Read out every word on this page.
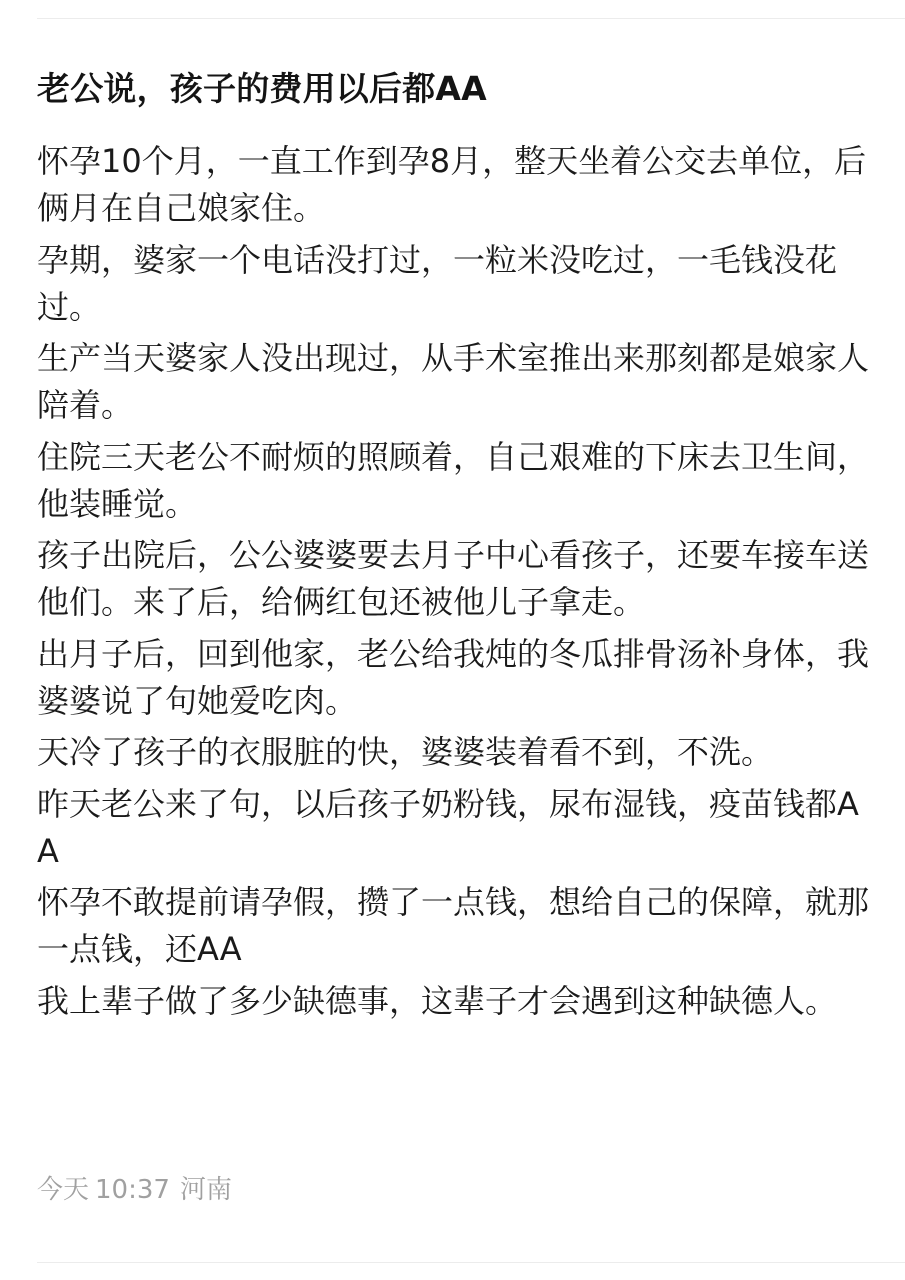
老公说，孩子的费用以后都AA

怀孕10个月，一直工作到孕8月，整天坐着公交去单位，后俩月在自己娘家住。

孕期，婆家一个电话没打过，一粒米没吃过，一毛钱没花过。

生产当天婆家人没出现过，从手术室推出来那刻都是娘家人陪着。

住院三天老公不耐烦的照顾着，自己艰难的下床去卫生间，他装睡觉。

孩子出院后，公公婆婆要去月子中心看孩子，还要车接车送他们。来了后，给俩红包还被他儿子拿走。

出月子后，回到他家，老公给我炖的冬瓜排骨汤补身体，我婆婆说了句她爱吃肉。

天冷了孩子的衣服脏的快，婆婆装着看不到，不洗。

昨天老公来了句，以后孩子奶粉钱，尿布湿钱，疫苗钱都AA

怀孕不敢提前请孕假，攒了一点钱，想给自己的保障，就那一点钱，还AA

我上辈子做了多少缺德事，这辈子才会遇到这种缺德人。

今天 10:37 河南
